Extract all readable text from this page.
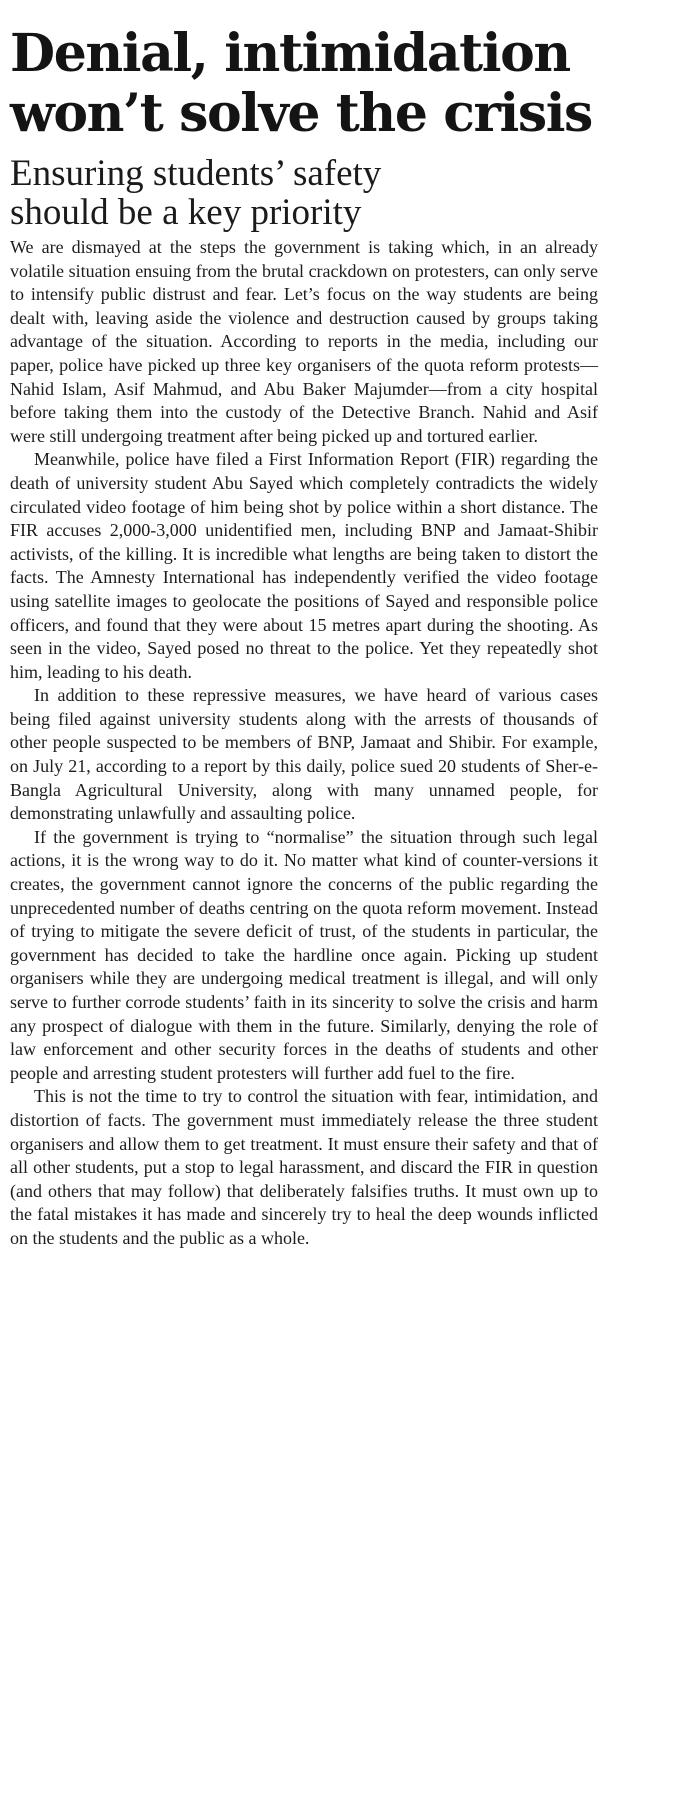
Denial, intimidation
won’t solve the crisis
Ensuring students’ safety
should be a key priority

We are dismayed at the steps the government is taking which, in an already volatile situation ensuing from the brutal crackdown on protesters, can only serve to intensify public distrust and fear. Let’s focus on the way students are being dealt with, leaving aside the violence and destruction caused by groups taking advantage of the situation. According to reports in the media, including our paper, police have picked up three key organisers of the quota reform protests—Nahid Islam, Asif Mahmud, and Abu Baker Majumder—from a city hospital before taking them into the custody of the Detective Branch. Nahid and Asif were still undergoing treatment after being picked up and tortured earlier.

Meanwhile, police have filed a First Information Report (FIR) regarding the death of university student Abu Sayed which completely contradicts the widely circulated video footage of him being shot by police within a short distance. The FIR accuses 2,000-3,000 unidentified men, including BNP and Jamaat-Shibir activists, of the killing. It is incredible what lengths are being taken to distort the facts. The Amnesty International has independently verified the video footage using satellite images to geolocate the positions of Sayed and responsible police officers, and found that they were about 15 metres apart during the shooting. As seen in the video, Sayed posed no threat to the police. Yet they repeatedly shot him, leading to his death.

In addition to these repressive measures, we have heard of various cases being filed against university students along with the arrests of thousands of other people suspected to be members of BNP, Jamaat and Shibir. For example, on July 21, according to a report by this daily, police sued 20 students of Sher-e-Bangla Agricultural University, along with many unnamed people, for demonstrating unlawfully and assaulting police.

If the government is trying to “normalise” the situation through such legal actions, it is the wrong way to do it. No matter what kind of counter-versions it creates, the government cannot ignore the concerns of the public regarding the unprecedented number of deaths centring on the quota reform movement. Instead of trying to mitigate the severe deficit of trust, of the students in particular, the government has decided to take the hardline once again. Picking up student organisers while they are undergoing medical treatment is illegal, and will only serve to further corrode students’ faith in its sincerity to solve the crisis and harm any prospect of dialogue with them in the future. Similarly, denying the role of law enforcement and other security forces in the deaths of students and other people and arresting student protesters will further add fuel to the fire.

This is not the time to try to control the situation with fear, intimidation, and distortion of facts. The government must immediately release the three student organisers and allow them to get treatment. It must ensure their safety and that of all other students, put a stop to legal harassment, and discard the FIR in question (and others that may follow) that deliberately falsifies truths. It must own up to the fatal mistakes it has made and sincerely try to heal the deep wounds inflicted on the students and the public as a whole.
